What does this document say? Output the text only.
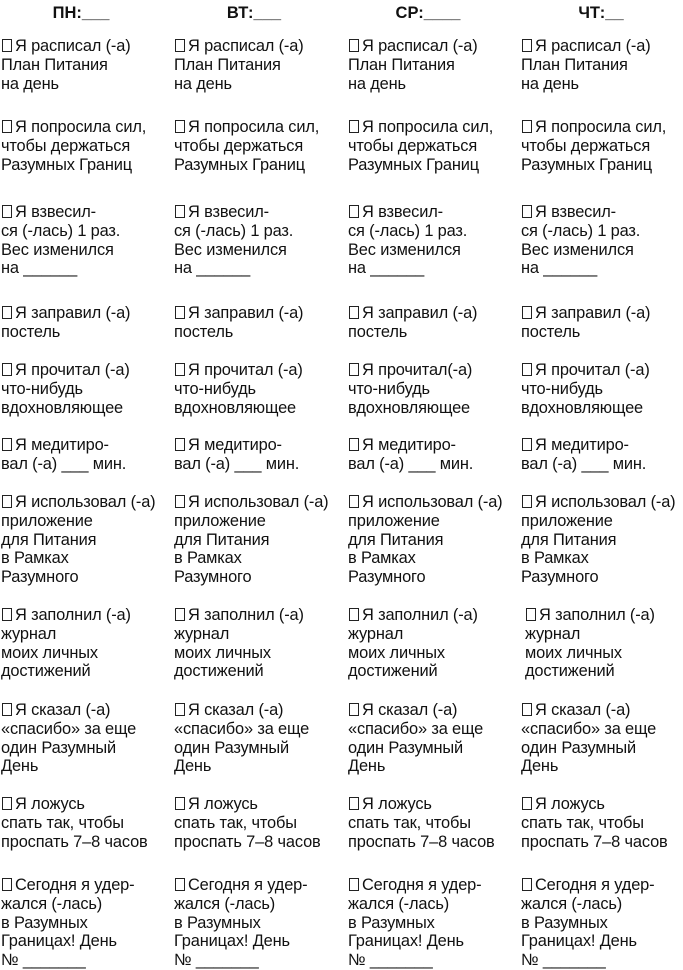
ПН:___
Я расписал (-а)
План Питания
на день
Я попросила сил,
чтобы держаться
Разумных Границ
Я взвесил-
ся (-лась) 1 раз.
Вес изменился
на ______
Я заправил (-а)
постель
Я прочитал (-а)
что-нибудь
вдохновляющее
Я медитиро-
вал (-а) ___ мин.
Я использовал (-а)
приложение
для Питания
в Рамках
Разумного
Я заполнил (-а)
журнал
моих личных
достижений
Я сказал (-а)
«спасибо» за еще
один Разумный
День
Я ложусь
спать так, чтобы
проспать 7–8 часов
Сегодня я удер-
жался (-лась)
в Разумных
Границах! День
№ _______
ВТ:___
Я расписал (-а)
План Питания
на день
Я попросила сил,
чтобы держаться
Разумных Границ
Я взвесил-
ся (-лась) 1 раз.
Вес изменился
на ______
Я заправил (-а)
постель
Я прочитал (-а)
что-нибудь
вдохновляющее
Я медитиро-
вал (-а) ___ мин.
Я использовал (-а)
приложение
для Питания
в Рамках
Разумного
Я заполнил (-а)
журнал
моих личных
достижений
Я сказал (-а)
«спасибо» за еще
один Разумный
День
Я ложусь
спать так, чтобы
проспать 7–8 часов
Сегодня я удер-
жался (-лась)
в Разумных
Границах! День
№ _______
СР:____
Я расписал (-а)
План Питания
на день
Я попросила сил,
чтобы держаться
Разумных Границ
Я взвесил-
ся (-лась) 1 раз.
Вес изменился
на ______
Я заправил (-а)
постель
Я прочитал(-а)
что-нибудь
вдохновляющее
Я медитиро-
вал (-а) ___ мин.
Я использовал (-а)
приложение
для Питания
в Рамках
Разумного
Я заполнил (-а)
журнал
моих личных
достижений
Я сказал (-а)
«спасибо» за еще
один Разумный
День
Я ложусь
спать так, чтобы
проспать 7–8 часов
Сегодня я удер-
жался (-лась)
в Разумных
Границах! День
№ _______
ЧТ:__
Я расписал (-а)
План Питания
на день
Я попросила сил,
чтобы держаться
Разумных Границ
Я взвесил-
ся (-лась) 1 раз.
Вес изменился
на ______
Я заправил (-а)
постель
Я прочитал (-а)
что-нибудь
вдохновляющее
Я медитиро-
вал (-а) ___ мин.
Я использовал (-а)
приложение
для Питания
в Рамках
Разумного
Я заполнил (-а)
журнал
моих личных
достижений
Я сказал (-а)
«спасибо» за еще
один Разумный
День
Я ложусь
спать так, чтобы
проспать 7–8 часов
Сегодня я удер-
жался (-лась)
в Разумных
Границах! День
№ _______
